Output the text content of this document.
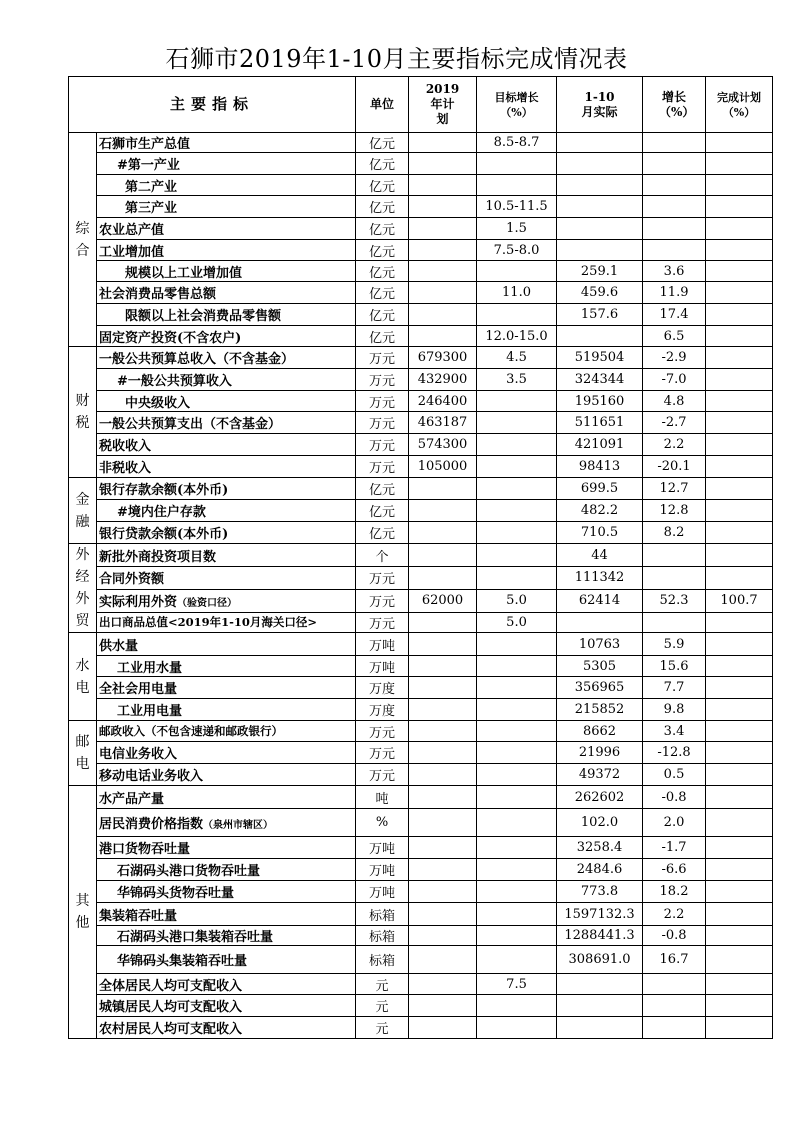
石狮市2019年1-10月主要指标完成情况表
主要指标		单位	2019年计划	目标增长（%）	1-10月实际	增长（%）	完成计划（%）

综合	石狮市生产总值	亿元		8.5-8.7			
	#第一产业	亿元					
	第二产业	亿元					
	第三产业	亿元		10.5-11.5			
	农业总产值	亿元		1.5			
	工业增加值	亿元		7.5-8.0			
	规模以上工业增加值	亿元			259.1	3.6	
	社会消费品零售总额	亿元		11.0	459.6	11.9	
	限额以上社会消费品零售额	亿元			157.6	17.4	
	固定资产投资(不含农户)	亿元		12.0-15.0		6.5	

财税	一般公共预算总收入（不含基金）	万元	679300	4.5	519504	-2.9	
	#一般公共预算收入	万元	432900	3.5	324344	-7.0	
	中央级收入	万元	246400		195160	4.8	
	一般公共预算支出（不含基金）	万元	463187		511651	-2.7	
	税收收入	万元	574300		421091	2.2	
	非税收入	万元	105000		98413	-20.1	

金融	银行存款余额(本外币)	亿元			699.5	12.7	
	#境内住户存款	亿元			482.2	12.8	
	银行贷款余额(本外币)	亿元			710.5	8.2	

外经外贸	新批外商投资项目数	个			44		
	合同外资额	万元			111342		
	实际利用外资（验资口径）	万元	62000	5.0	62414	52.3	100.7
	出口商品总值<2019年1-10月海关口径>	万元		5.0			

水电	供水量	万吨			10763	5.9	
	工业用水量	万吨			5305	15.6	
	全社会用电量	万度			356965	7.7	
	工业用电量	万度			215852	9.8	

邮电	邮政收入（不包含速递和邮政银行）	万元			8662	3.4	
	电信业务收入	万元			21996	-12.8	
	移动电话业务收入	万元			49372	0.5	

其他	水产品产量	吨			262602	-0.8	
	居民消费价格指数（泉州市辖区）	%			102.0	2.0	
	港口货物吞吐量	万吨			3258.4	-1.7	
	石湖码头港口货物吞吐量	万吨			2484.6	-6.6	
	华锦码头货物吞吐量	万吨			773.8	18.2	
	集装箱吞吐量	标箱			1597132.3	2.2	
	石湖码头港口集装箱吞吐量	标箱			1288441.3	-0.8	
	华锦码头集装箱吞吐量	标箱			308691.0	16.7	
	全体居民人均可支配收入	元		7.5			
	城镇居民人均可支配收入	元					
	农村居民人均可支配收入	元					
